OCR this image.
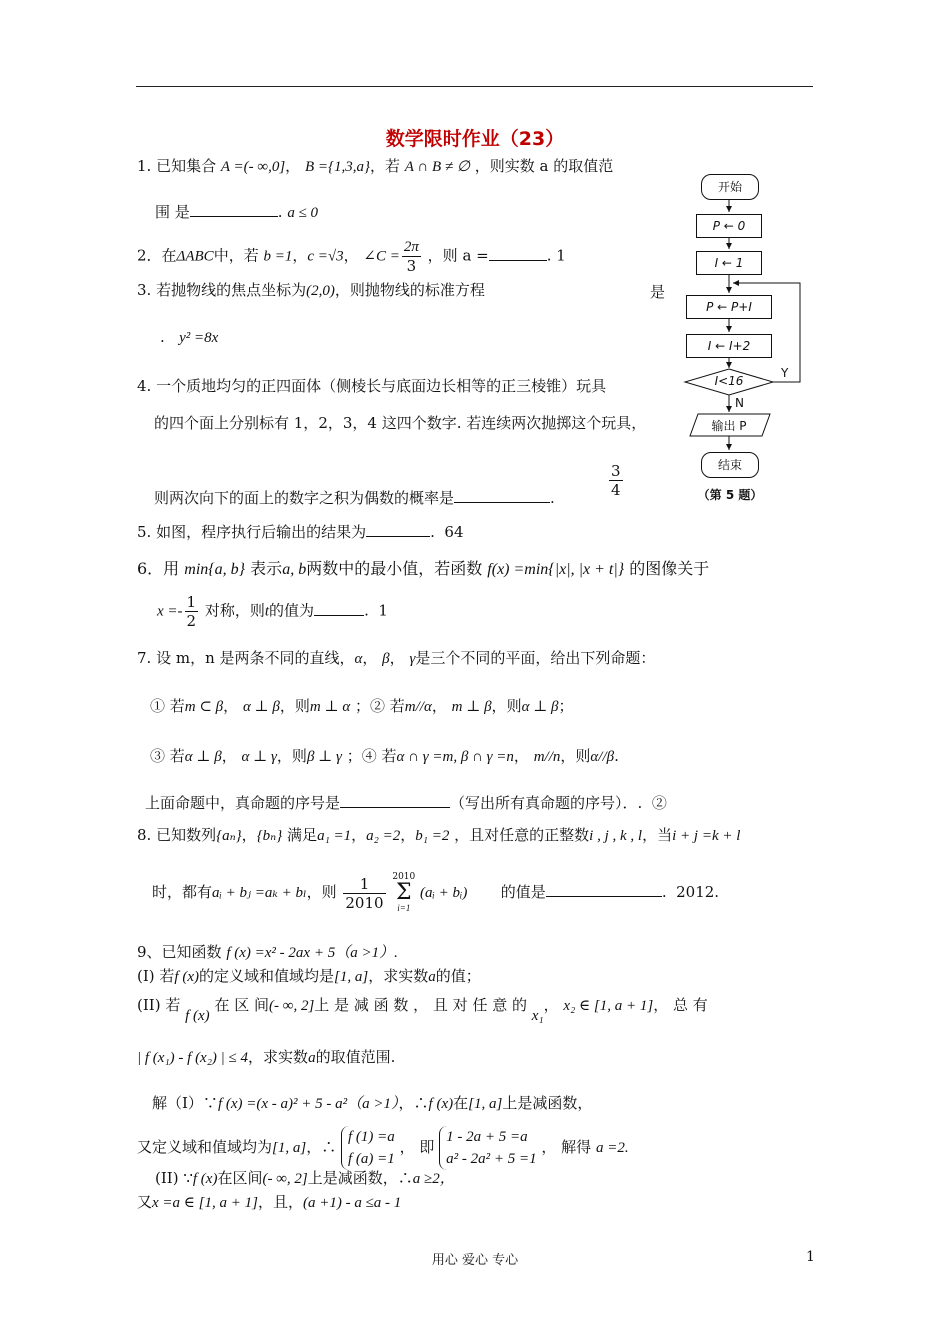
数学限时作业（23）
1. 已知集合 A =(- ∞,0]， B ={1,3,a}，若 A ∩ B ≠ ∅ ，则实数 a 的取值范
围 是	. a ≤ 0
2．在ΔABC中，若 b =1，c =√3， ∠C = $\frac{2\pi}{3}$ ，则 a =	. 1
3. 若抛物线的焦点坐标为(2,0)，则抛物线的标准方程	是
.   y² =8x
4. 一个质地均匀的正四面体（侧棱长与底面边长相等的正三棱锥）玩具
的四个面上分别标有 1，2，3，4 这四个数字. 若连续两次抛掷这个玩具，
则两次向下的面上的数字之积为偶数的概率是	.	$\frac{3}{4}$
5. 如图，程序执行后输出的结果为	.  64
6．用 min{a, b} 表示a, b两数中的最小值，若函数 f(x) =min{|x|, |x + t|} 的图像关于
$x =- \frac{1}{2}$ 对称，则t的值为	.  1
7. 设 m，n 是两条不同的直线，α， β， γ是三个不同的平面，给出下列命题：
① 若m ⊂ β， α ⊥ β，则m ⊥ α ；② 若m//α， m ⊥ β，则α ⊥ β；
③ 若α ⊥ β， α ⊥ γ，则β ⊥ γ ；④ 若α ∩ γ =m, β ∩ γ =n， m//n，则α//β.
上面命题中，真命题的序号是	（写出所有真命题的序号）．. ②
8. 已知数列{aₙ}，{bₙ} 满足a₁ =1，a₂ =2，b₁ =2 ，且对任意的正整数i , j , k , l，当i + j =k + l
时，都有aᵢ + bⱼ =aₖ + bₗ，则 $\frac{1}{2010}$
2010
Σ
i=1
(aᵢ + bᵢ) 的值是	.  2012.
9、已知函数 f (x) =x² - 2ax + 5（a >1）.
(I) 若f (x)的定义域和值域均是[1, a]，求实数a的值；
(II) 若 f (x) 在 区 间(- ∞, 2]上 是 减 函 数 ， 且 对 任 意 的 x₁， x₂ ∈ [1, a + 1]， 总 有
| f (x₁) - f (x₂) | ≤ 4，求实数a的取值范围.
解（Ⅰ）∵f (x) =(x - a)² + 5 - a²（a >1），∴f (x)在[1, a]上是减函数，
又定义域和值域均为[1, a]，∴
f (1) =a
f (a) =1
， 即
1 - 2a + 5 =a
a² - 2a² + 5 =1
， 解得 a =2.
(II) ∵f (x)在区间(- ∞, 2]上是减函数，∴a ≥2，
又x =a ∈ [1, a + 1]，且，(a +1) - a ≤a - 1
开始
P ← 0
I ← 1
P ← P+I
I ← I+2
I<16
Y
N
输出 P
结束
（第 5 题）
用心 爱心 专心	1
